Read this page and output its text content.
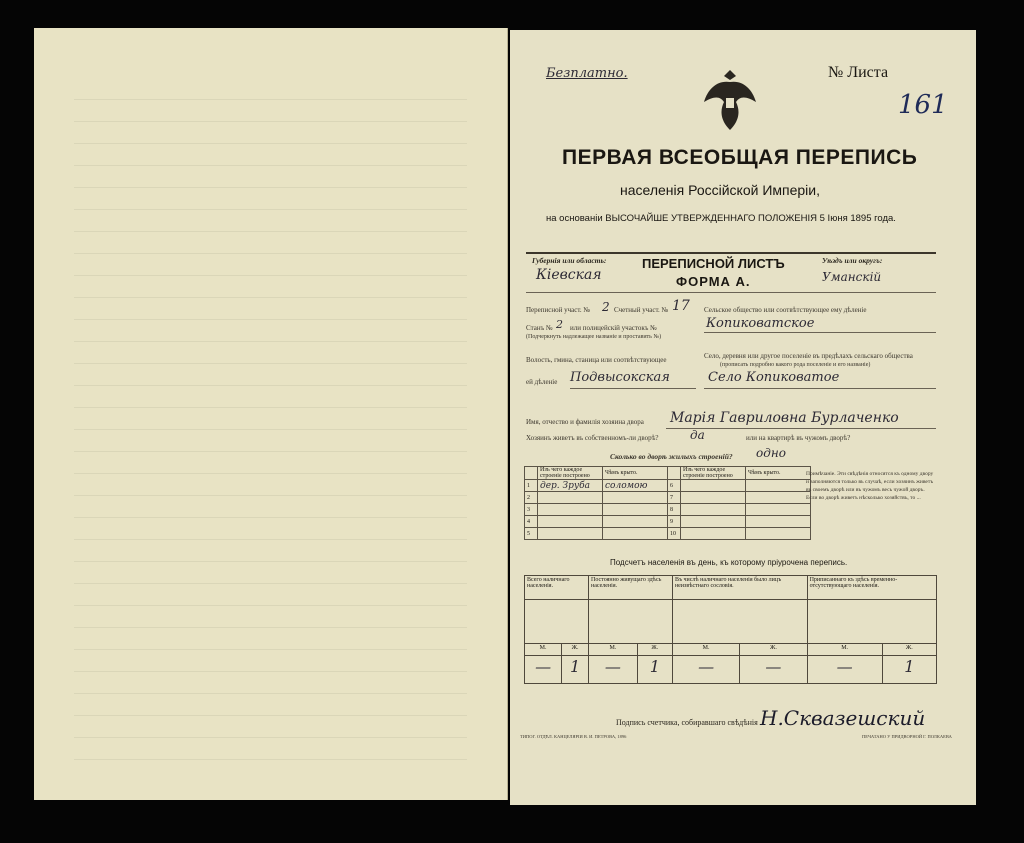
Безплатно.	№ Листа
161
ПЕРВАЯ ВСЕОБЩАЯ ПЕРЕПИСЬ
населенія Россійской Имперіи,
на основаніи ВЫСОЧАЙШЕ УТВЕРЖДЕННАГО ПОЛОЖЕНІЯ 5 Іюня 1895 года.
Губернія или область:
Кіевская
ПЕРЕПИСНОЙ ЛИСТЪ
ФОРМА А.
Уѣздъ или округъ:
Уманскій
Переписной участ. № 2 Счетный участ. № 17
Станъ № 2 или полицейскій участокъ №
(Подчеркнуть надлежащее названіе и проставить №)
Сельское общество или соотвѣтствующее ему дѣленіе
Копиковатское
Волость, гмина, станица или соотвѣтствующее
ей дѣленіе Подвысокская
Село, деревня или другое поселеніе въ предѣлахъ сельскаго общества
(прописать подробно какого рода поселеніе и его названіе)
Село Копиковатое
Имя, отчество и фамилія хозяина двора Марія Гавриловна Бурлаченко
Хозяинъ живетъ въ собственномъ-ли дворѣ?	да	или на квартирѣ въ чужомъ дворѣ?
Сколько во дворѣ жилыхъ строеній? одно
	Изъ чего каждое строеніе построено	Чѣмъ крыто.		Изъ чего каждое строеніе построено	Чѣмъ крыто.
1	дер. Зруба	соломою	6		
2			7		
3			8		
4			9		
5			10		
Примѣчаніе. Эти свѣдѣнія относятся къ одному двору и заполняются только въ случаѣ, если хозяинъ живетъ въ своемъ дворѣ или въ чужомъ весь чужой дворъ. Если во дворѣ живетъ нѣсколько хозяйствъ, то ...
Подсчетъ населенія въ день, къ которому пріурочена перепись.
Всего наличнаго населенія.		Постоянно живущаго здѣсь населенія.		Въ числѣ наличнаго населенія было лицъ неизвѣстнаго сословія.		Приписаннаго къ здѣсь временно-отсутствующаго населенія.	

М.	Ж.	М.	Ж.	М.	Ж.	М.	Ж.
—	1	—	1	—	—	—	1
Подпись счетчика, собиравшаго свѣдѣнія Н.Сквазешский
ТИПОГ. ОТДѢЛ. КАНЦЕЛЯРІИ В. И. ПЕТРОВА, 1896	ПЕЧАТАНО У ПРИДВОРНОЙ Г. ПОЛКАЕВА
